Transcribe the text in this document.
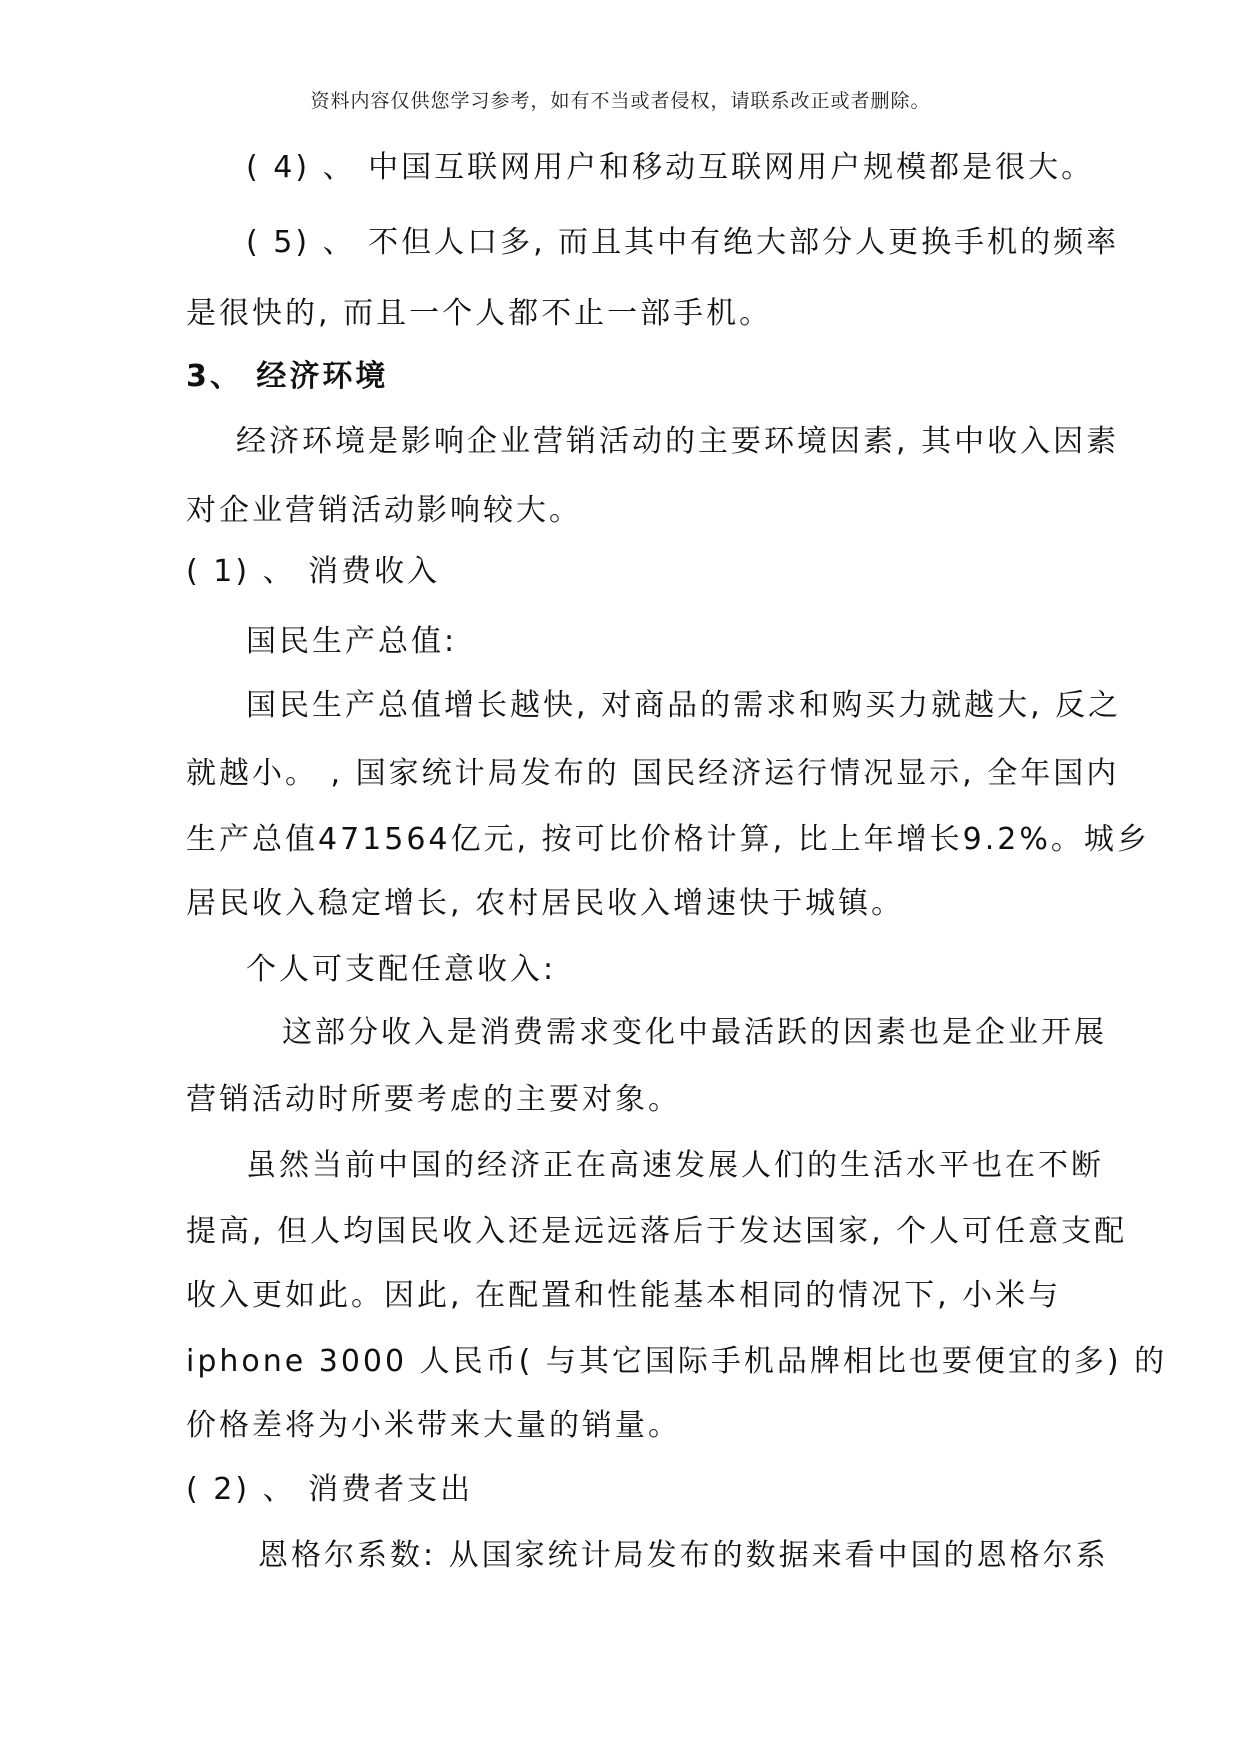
资料内容仅供您学习参考，如有不当或者侵权，请联系改正或者删除。
( 4) 、 中国互联网用户和移动互联网用户规模都是很大。
( 5) 、 不但人口多, 而且其中有绝大部分人更换手机的频率
是很快的, 而且一个人都不止一部手机。
3、 经济环境
经济环境是影响企业营销活动的主要环境因素, 其中收入因素
对企业营销活动影响较大。
( 1) 、 消费收入
国民生产总值:
国民生产总值增长越快, 对商品的需求和购买力就越大, 反之
就越小。 , 国家统计局发布的 国民经济运行情况显示, 全年国内
生产总值471564亿元, 按可比价格计算, 比上年增长9.2%。城乡
居民收入稳定增长, 农村居民收入增速快于城镇。
个人可支配任意收入:
这部分收入是消费需求变化中最活跃的因素也是企业开展
营销活动时所要考虑的主要对象。
虽然当前中国的经济正在高速发展人们的生活水平也在不断
提高, 但人均国民收入还是远远落后于发达国家, 个人可任意支配
收入更如此。因此, 在配置和性能基本相同的情况下, 小米与
iphone 3000 人民币( 与其它国际手机品牌相比也要便宜的多) 的
价格差将为小米带来大量的销量。
( 2) 、 消费者支出
恩格尔系数: 从国家统计局发布的数据来看中国的恩格尔系
